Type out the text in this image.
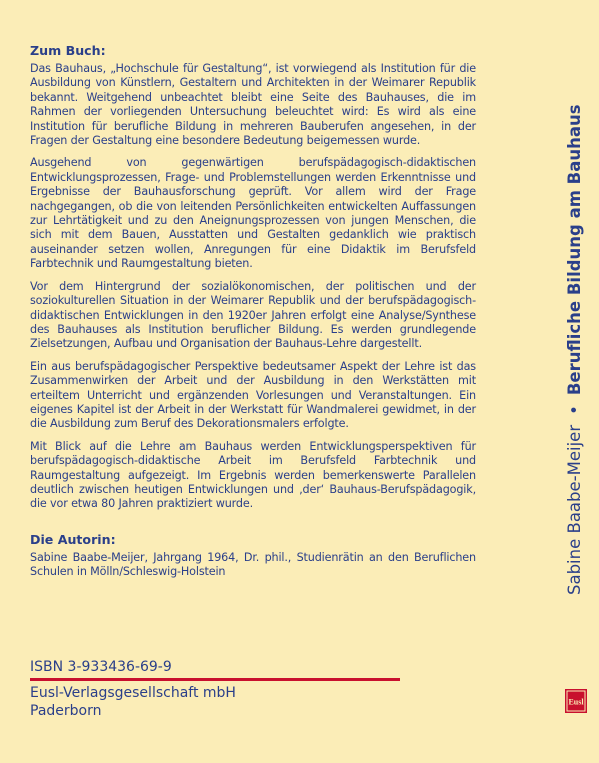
Zum Buch:

Das Bauhaus, „Hochschule für Gestaltung“, ist vorwiegend als Institution für die Ausbildung von Künstlern, Gestaltern und Architekten in der Weimarer Republik bekannt. Weitgehend unbeachtet bleibt eine Seite des Bauhauses, die im Rahmen der vorliegenden Untersuchung beleuchtet wird: Es wird als eine Institution für berufliche Bildung in mehreren Bauberufen angesehen, in der Fragen der Gestaltung eine besondere Bedeutung beigemessen wurde.

Ausgehend von gegenwärtigen berufspädagogisch-didaktischen Entwicklungsprozessen, Frage- und Problemstellungen werden Erkenntnisse und Ergebnisse der Bauhausforschung geprüft. Vor allem wird der Frage nachgegangen, ob die von leitenden Persönlichkeiten entwickelten Auffassungen zur Lehrtätigkeit und zu den Aneignungsprozessen von jungen Menschen, die sich mit dem Bauen, Ausstatten und Gestalten gedanklich wie praktisch auseinander setzen wollen, Anregungen für eine Didaktik im Berufsfeld Farbtechnik und Raumgestaltung bieten.

Vor dem Hintergrund der sozialökonomischen, der politischen und der soziokulturellen Situation in der Weimarer Republik und der berufspädagogisch-didaktischen Entwicklungen in den 1920er Jahren erfolgt eine Analyse/Synthese des Bauhauses als Institution beruflicher Bildung. Es werden grundlegende Zielsetzungen, Aufbau und Organisation der Bauhaus-Lehre dargestellt.

Ein aus berufspädagogischer Perspektive bedeutsamer Aspekt der Lehre ist das Zusammenwirken der Arbeit und der Ausbildung in den Werkstätten mit erteiltem Unterricht und ergänzenden Vorlesungen und Veranstaltungen. Ein eigenes Kapitel ist der Arbeit in der Werkstatt für Wandmalerei gewidmet, in der die Ausbildung zum Beruf des Dekorationsmalers erfolgte.

Mit Blick auf die Lehre am Bauhaus werden Entwicklungsperspektiven für berufspädagogisch-didaktische Arbeit im Berufsfeld Farbtechnik und Raumgestaltung aufgezeigt. Im Ergebnis werden bemerkenswerte Parallelen deutlich zwischen heutigen Entwicklungen und ‚der‘ Bauhaus-Berufspädagogik, die vor etwa 80 Jahren praktiziert wurde.

Die Autorin:

Sabine Baabe-Meijer, Jahrgang 1964, Dr. phil., Studienrätin an den Beruflichen Schulen in Mölln/Schleswig-Holstein

ISBN 3-933436-69-9
Eusl-Verlagsgesellschaft mbH
Paderborn
Sabine Baabe-Meijer•Berufliche Bildung am Bauhaus
Eusl
